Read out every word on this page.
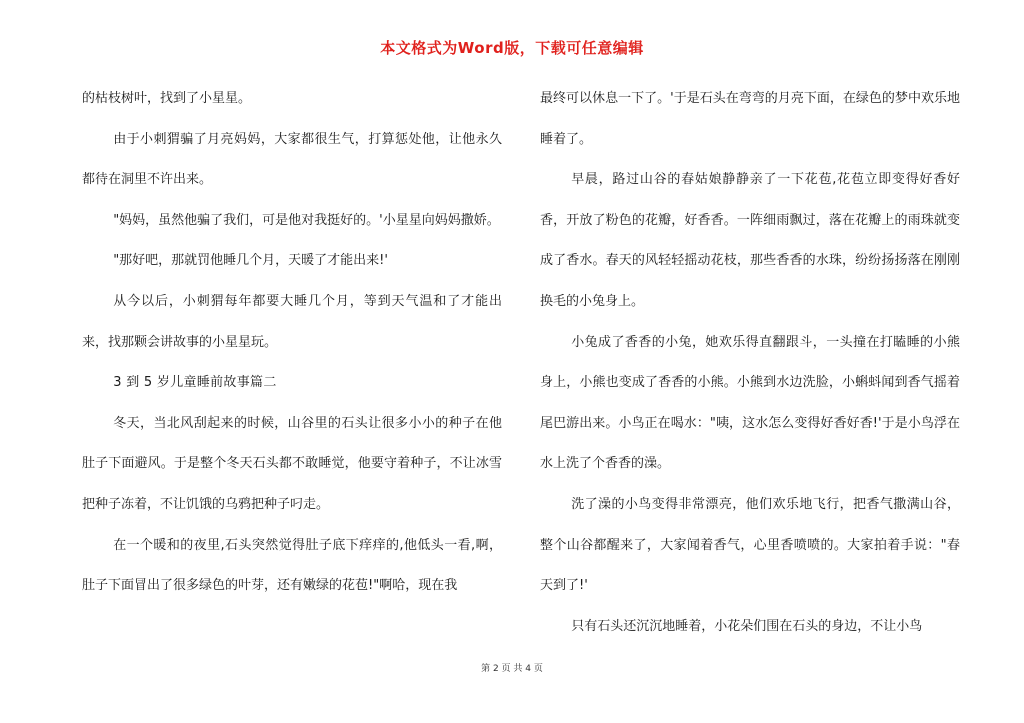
本文格式为Word版，下载可任意编辑

的枯枝树叶，找到了小星星。

由于小刺猬骗了月亮妈妈，大家都很生气，打算惩处他，让他永久都待在洞里不许出来。

"妈妈，虽然他骗了我们，可是他对我挺好的。'小星星向妈妈撒娇。

"那好吧，那就罚他睡几个月，天暖了才能出来!'

从今以后，小刺猬每年都要大睡几个月，等到天气温和了才能出来，找那颗会讲故事的小星星玩。

3 到 5 岁儿童睡前故事篇二

冬天，当北风刮起来的时候，山谷里的石头让很多小小的种子在他肚子下面避风。于是整个冬天石头都不敢睡觉，他要守着种子，不让冰雪把种子冻着，不让饥饿的乌鸦把种子叼走。

在一个暖和的夜里,石头突然觉得肚子底下痒痒的,他低头一看,啊，肚子下面冒出了很多绿色的叶芽，还有嫩绿的花苞!"啊哈，现在我

最终可以休息一下了。'于是石头在弯弯的月亮下面，在绿色的梦中欢乐地睡着了。

早晨，路过山谷的春姑娘静静亲了一下花苞,花苞立即变得好香好香，开放了粉色的花瓣，好香香。一阵细雨飘过，落在花瓣上的雨珠就变成了香水。春天的风轻轻摇动花枝，那些香香的水珠，纷纷扬扬落在刚刚换毛的小兔身上。

小兔成了香香的小兔，她欢乐得直翻跟斗，一头撞在打瞌睡的小熊身上，小熊也变成了香香的小熊。小熊到水边洗脸，小蝌蚪闻到香气摇着尾巴游出来。小鸟正在喝水："咦，这水怎么变得好香好香!'于是小鸟浮在水上洗了个香香的澡。

洗了澡的小鸟变得非常漂亮，他们欢乐地飞行，把香气撒满山谷，整个山谷都醒来了，大家闻着香气，心里香喷喷的。大家拍着手说："春天到了!'

只有石头还沉沉地睡着，小花朵们围在石头的身边，不让小鸟

第 2 页 共 4 页
